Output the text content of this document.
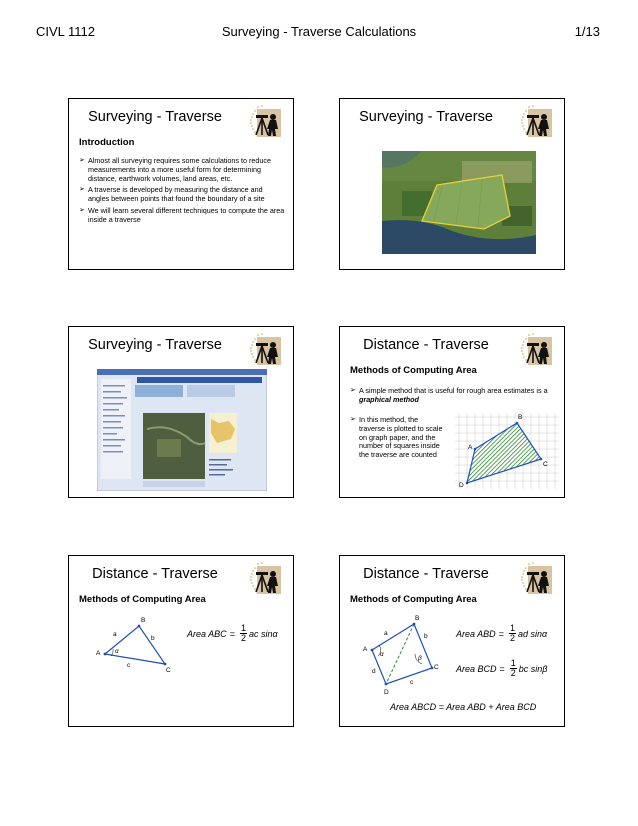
CIVL 1112	Surveying - Traverse Calculations	1/13
Surveying - Traverse
Introduction
➢ Almost all surveying requires some calculations to reduce measurements into a more useful form for determining distance, earthwork volumes, land areas, etc.
➢ A traverse is developed by measuring the distance and angles between points that found the boundary of a site
➢ We will learn several different techniques to compute the area inside a traverse
Surveying - Traverse
Surveying - Traverse	Distance - Traverse
Methods of Computing Area
➢ A simple method that is useful for rough area estimates is a graphical method
➢ In this method, the traverse is plotted to scale on graph paper, and the number of squares inside the traverse are counted
A
B
C
D
Distance - Traverse
Methods of Computing Area
A
B
C
a
b
c
α
Area ABC = $\frac{1}{2}$ ac sinα
Distance - Traverse
Methods of Computing Area
A
B
C
D
a	b
c
d
α
β
Area ABD = $\frac{1}{2}$ ad sinα
Area BCD = $\frac{1}{2}$ bc sinβ
Area ABCD = Area ABD + Area BCD
